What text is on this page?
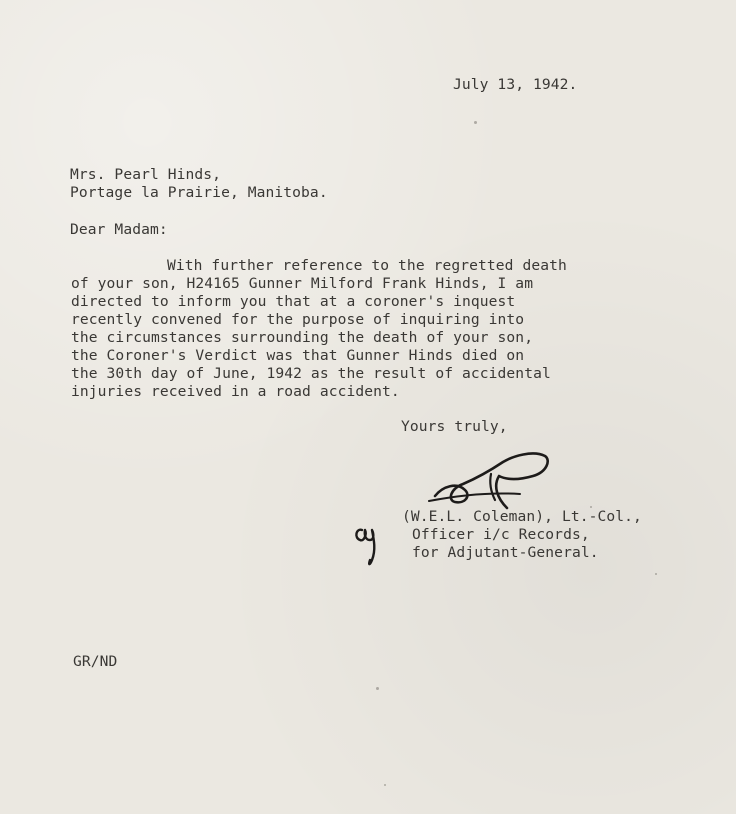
July 13, 1942.
Mrs. Pearl Hinds,
Portage la Prairie, Manitoba.
Dear Madam:
With further reference to the regretted death
of your son, H24165 Gunner Milford Frank Hinds, I am
directed to inform you that at a coroner's inquest
recently convened for the purpose of inquiring into
the circumstances surrounding the death of your son,
the Coroner's Verdict was that Gunner Hinds died on
the 30th day of June, 1942 as the result of accidental
injuries received in a road accident.
Yours truly,
(W.E.L. Coleman), Lt.-Col.,
Officer i/c Records,
for Adjutant-General.
GR/ND
